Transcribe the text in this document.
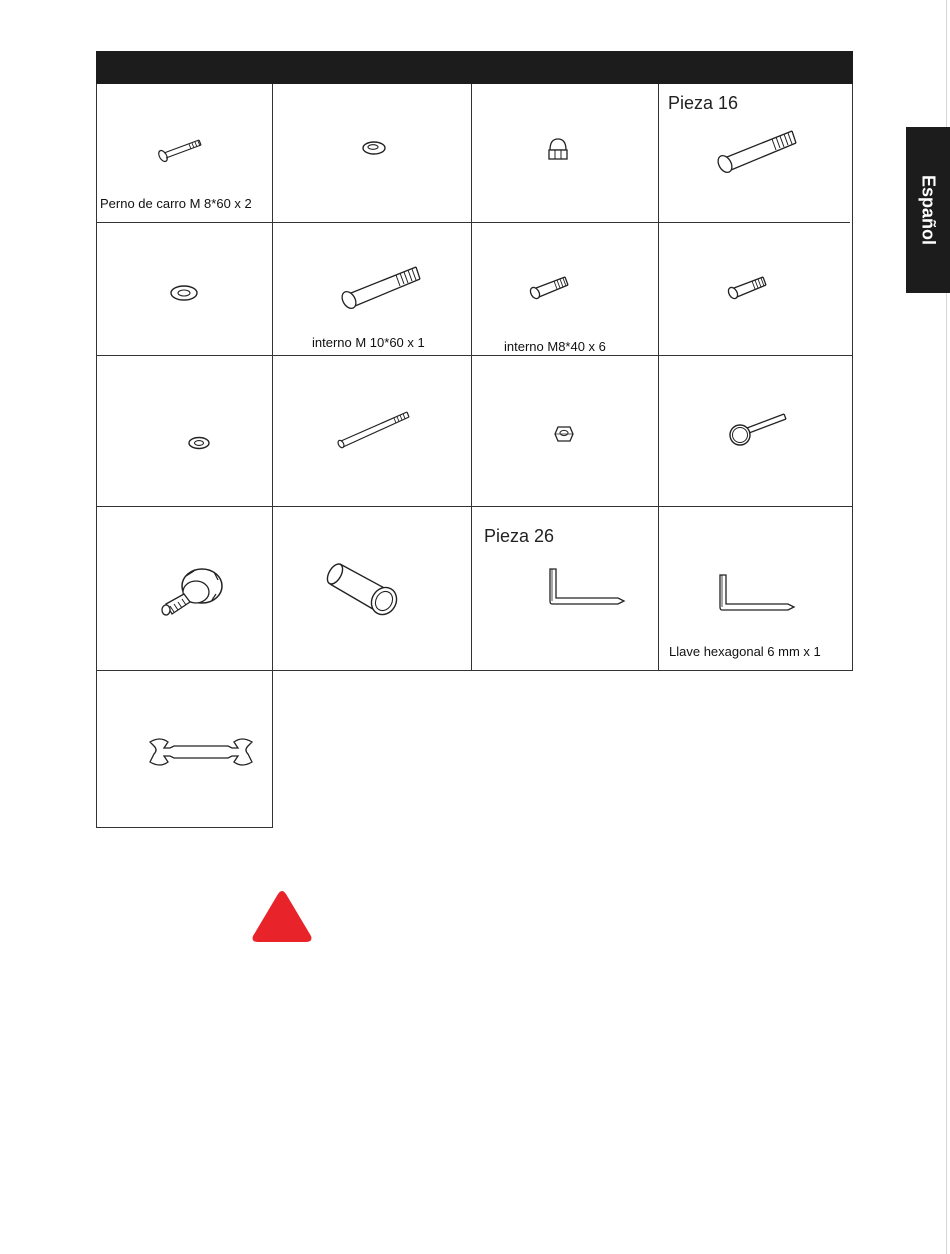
Español
Perno de carro M 8*60 x 2
Pieza 16
interno M 10*60 x 1	interno M8*40 x 6
Pieza 26
Llave hexagonal 6 mm x 1
